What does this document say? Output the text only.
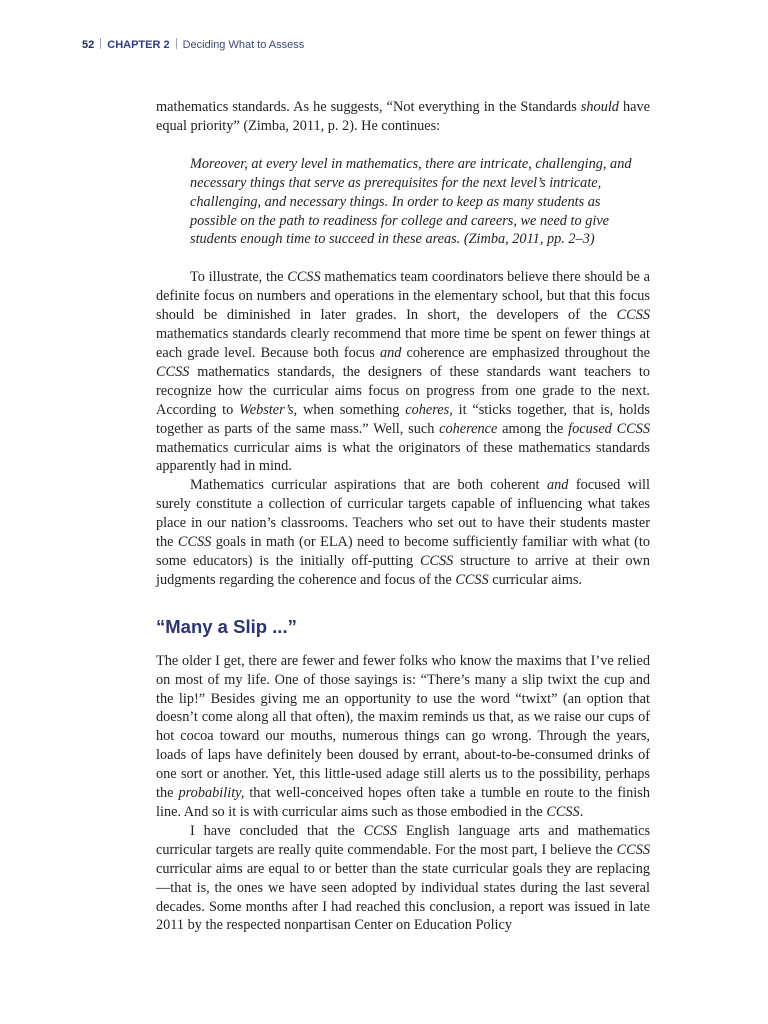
52 CHAPTER 2 Deciding What to Assess

mathematics standards. As he suggests, “Not everything in the Standards should have equal priority” (Zimba, 2011, p. 2). He continues:

Moreover, at every level in mathematics, there are intricate, challenging, and necessary things that serve as prerequisites for the next level’s intricate, challenging, and necessary things. In order to keep as many students as possible on the path to readiness for college and careers, we need to give students enough time to succeed in these areas. (Zimba, 2011, pp. 2–3)

To illustrate, the CCSS mathematics team coordinators believe there should be a definite focus on numbers and operations in the elementary school, but that this focus should be diminished in later grades. In short, the developers of the CCSS mathematics standards clearly recommend that more time be spent on fewer things at each grade level. Because both focus and coherence are emphasized throughout the CCSS mathematics standards, the designers of these standards want teachers to recognize how the curricular aims focus on progress from one grade to the next. According to Webster’s, when something coheres, it “sticks together, that is, holds together as parts of the same mass.” Well, such coherence among the focused CCSS mathematics curricular aims is what the originators of these mathematics standards apparently had in mind.

Mathematics curricular aspirations that are both coherent and focused will surely constitute a collection of curricular targets capable of influencing what takes place in our nation’s classrooms. Teachers who set out to have their students master the CCSS goals in math (or ELA) need to become sufficiently familiar with what (to some educators) is the initially off-putting CCSS structure to arrive at their own judgments regarding the coherence and focus of the CCSS curricular aims.

“Many a Slip ...”

The older I get, there are fewer and fewer folks who know the maxims that I’ve relied on most of my life. One of those sayings is: “There’s many a slip twixt the cup and the lip!” Besides giving me an opportunity to use the word “twixt” (an option that doesn’t come along all that often), the maxim reminds us that, as we raise our cups of hot cocoa toward our mouths, numerous things can go wrong. Through the years, loads of laps have definitely been doused by errant, about-to-be-consumed drinks of one sort or another. Yet, this little-used adage still alerts us to the possibility, perhaps the probability, that well-conceived hopes often take a tumble en route to the finish line. And so it is with curricular aims such as those embodied in the CCSS.

I have concluded that the CCSS English language arts and mathematics curricular targets are really quite commendable. For the most part, I believe the CCSS curricular aims are equal to or better than the state curricular goals they are replacing—that is, the ones we have seen adopted by individual states during the last several decades. Some months after I had reached this conclusion, a report was issued in late 2011 by the respected nonpartisan Center on Education Policy
